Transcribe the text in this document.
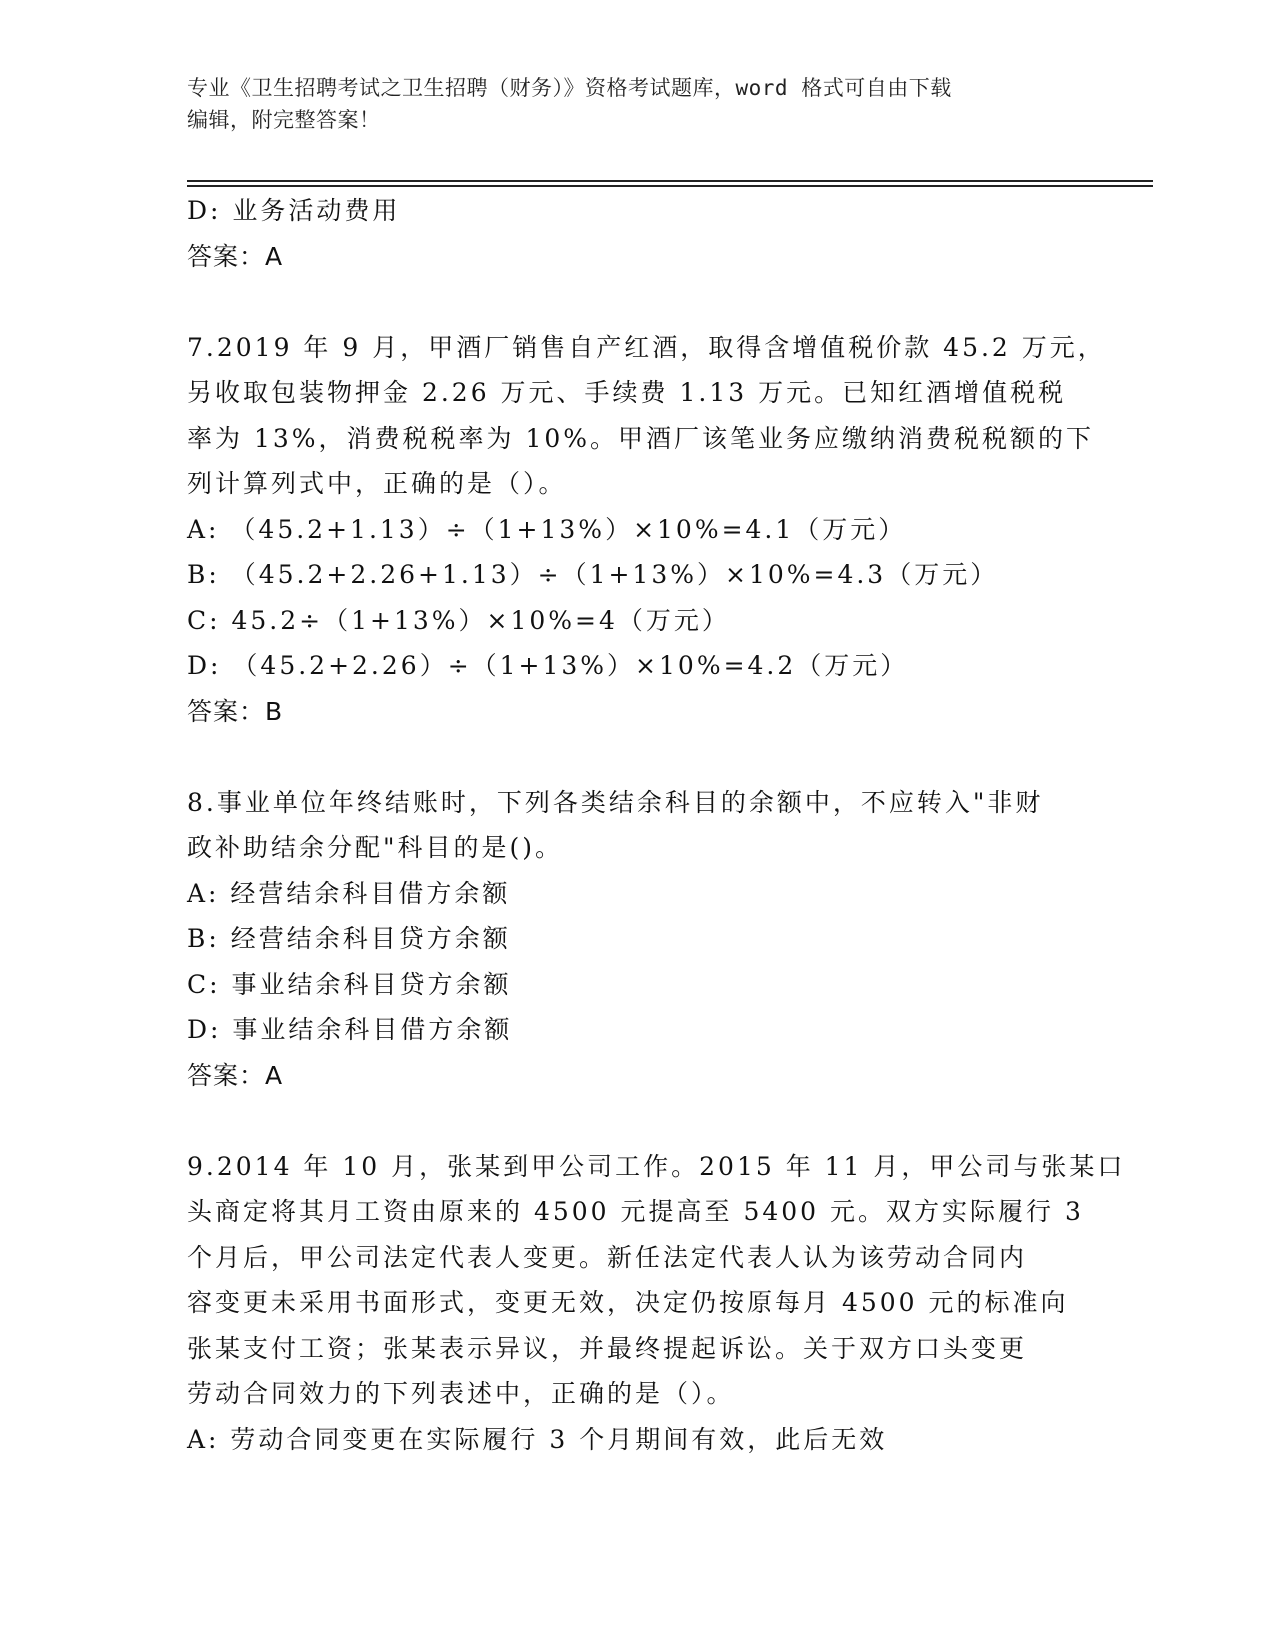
专业《卫生招聘考试之卫生招聘（财务）》资格考试题库，word 格式可自由下载
编辑，附完整答案！
D: 业务活动费用
答案：A
7.2019 年 9 月，甲酒厂销售自产红酒，取得含增值税价款 45.2 万元，
另收取包装物押金 2.26 万元、手续费 1.13 万元。已知红酒增值税税
率为 13%，消费税税率为 10%。甲酒厂该笔业务应缴纳消费税税额的下
列计算列式中，正确的是（）。
A: （45.2+1.13）÷（1+13%）×10%=4.1（万元）
B: （45.2+2.26+1.13）÷（1+13%）×10%=4.3（万元）
C: 45.2÷（1+13%）×10%=4（万元）
D: （45.2+2.26）÷（1+13%）×10%=4.2（万元）
答案：B
8.事业单位年终结账时，下列各类结余科目的余额中，不应转入"非财
政补助结余分配"科目的是()。
A: 经营结余科目借方余额
B: 经营结余科目贷方余额
C: 事业结余科目贷方余额
D: 事业结余科目借方余额
答案：A
9.2014 年 10 月，张某到甲公司工作。2015 年 11 月，甲公司与张某口
头商定将其月工资由原来的 4500 元提高至 5400 元。双方实际履行 3
个月后，甲公司法定代表人变更。新任法定代表人认为该劳动合同内
容变更未采用书面形式，变更无效，决定仍按原每月 4500 元的标准向
张某支付工资；张某表示异议，并最终提起诉讼。关于双方口头变更
劳动合同效力的下列表述中，正确的是（）。
A: 劳动合同变更在实际履行 3 个月期间有效，此后无效
